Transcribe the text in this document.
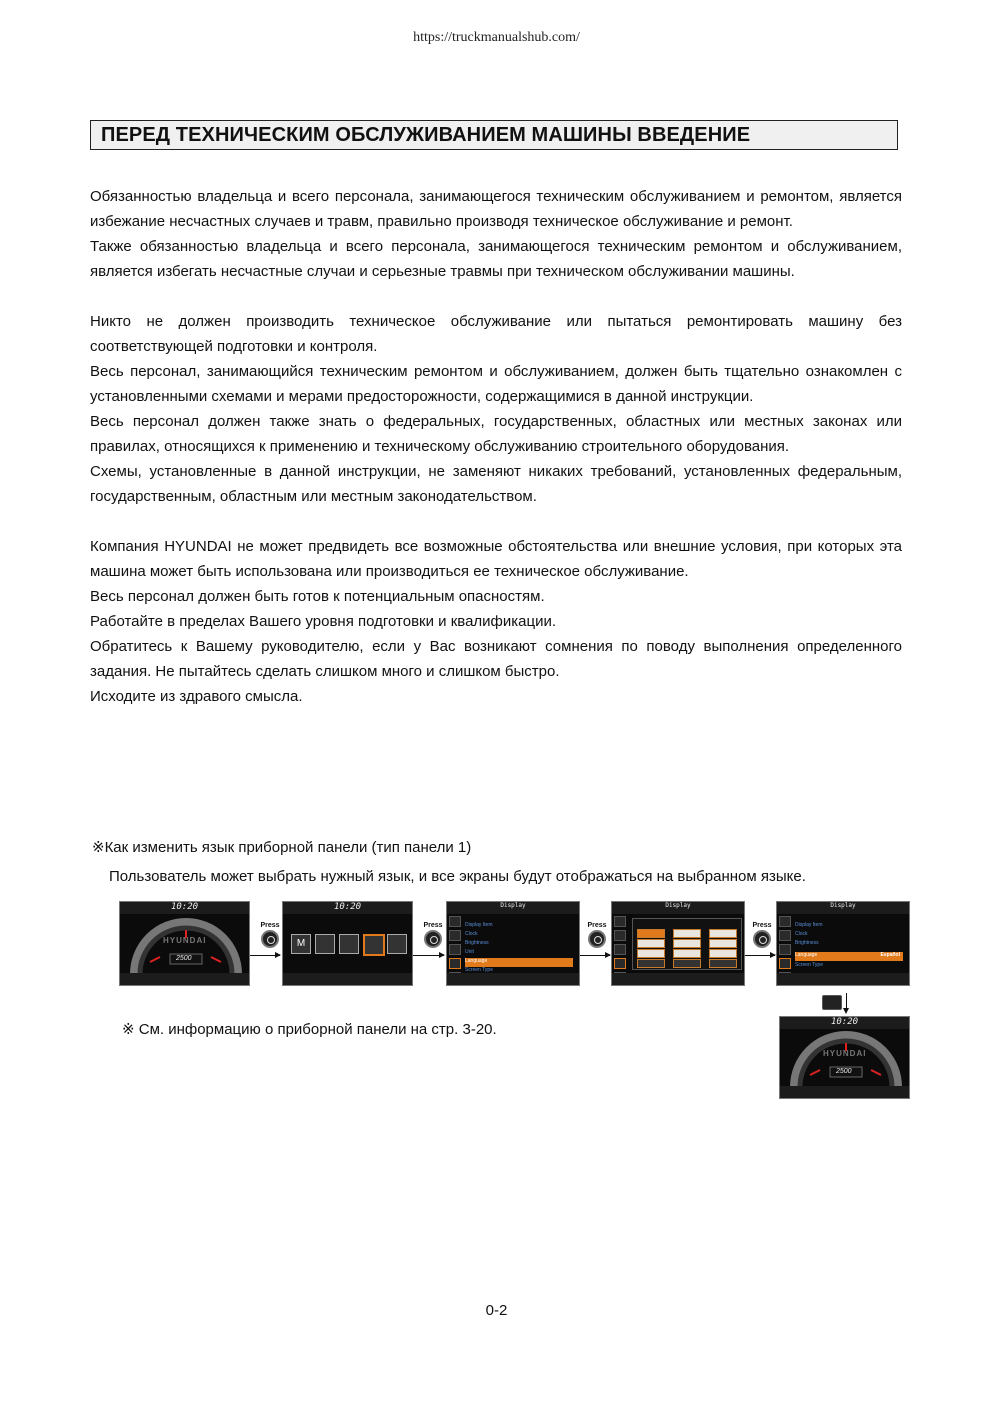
https://truckmanualshub.com/
ПЕРЕД ТЕХНИЧЕСКИМ ОБСЛУЖИВАНИЕМ МАШИНЫ ВВЕДЕНИЕ

Обязанностью владельца и всего персонала, занимающегося техническим обслуживанием и ремонтом, является избежание несчастных случаев и травм, правильно производя техническое обслуживание и ремонт.

Также обязанностью владельца и всего персонала, занимающегося техническим ремонтом и обслуживанием, является избегать несчастные случаи и серьезные травмы при техническом обслуживании машины.

Никто не должен производить техническое обслуживание или пытаться ремонтировать машину без соответствующей подготовки и контроля.

Весь персонал, занимающийся техническим ремонтом и обслуживанием, должен быть тщательно ознакомлен с установленными схемами и мерами предосторожности, содержащимися в данной инструкции.

Весь персонал должен также знать о федеральных, государственных, областных или местных законах или правилах, относящихся к применению и техническому обслуживанию строительного оборудования.

Схемы, установленные в данной инструкции, не заменяют никаких требований, установленных федеральным, государственным, областным или местным законодательством.

Компания HYUNDAI не может предвидеть все возможные обстоятельства или внешние условия, при которых эта машина может быть использована или производиться ее техническое обслуживание.

Весь персонал должен быть готов к потенциальным опасностям.

Работайте в пределах Вашего уровня подготовки и квалификации.

Обратитесь к Вашему руководителю, если у Вас возникают сомнения по поводу выполнения определенного задания. Не пытайтесь сделать слишком много и слишком быстро.

Исходите из здравого смысла.

※Как изменить язык приборной панели (тип панели 1)
Пользователь может выбрать нужный язык, и все экраны будут отображаться на выбранном языке.
10:20
HYUNDAI
2500
Press
10:20
M
Press
Display
Display Item
Clock
Brightness
Unit
Language
Screen Type
Press
Display
Press
Display
Display Item
Clock
Brightness
Language	Español
Screen Type
10:20
HYUNDAI
2500
※ См. информацию о приборной панели на стр. 3-20.
0-2
